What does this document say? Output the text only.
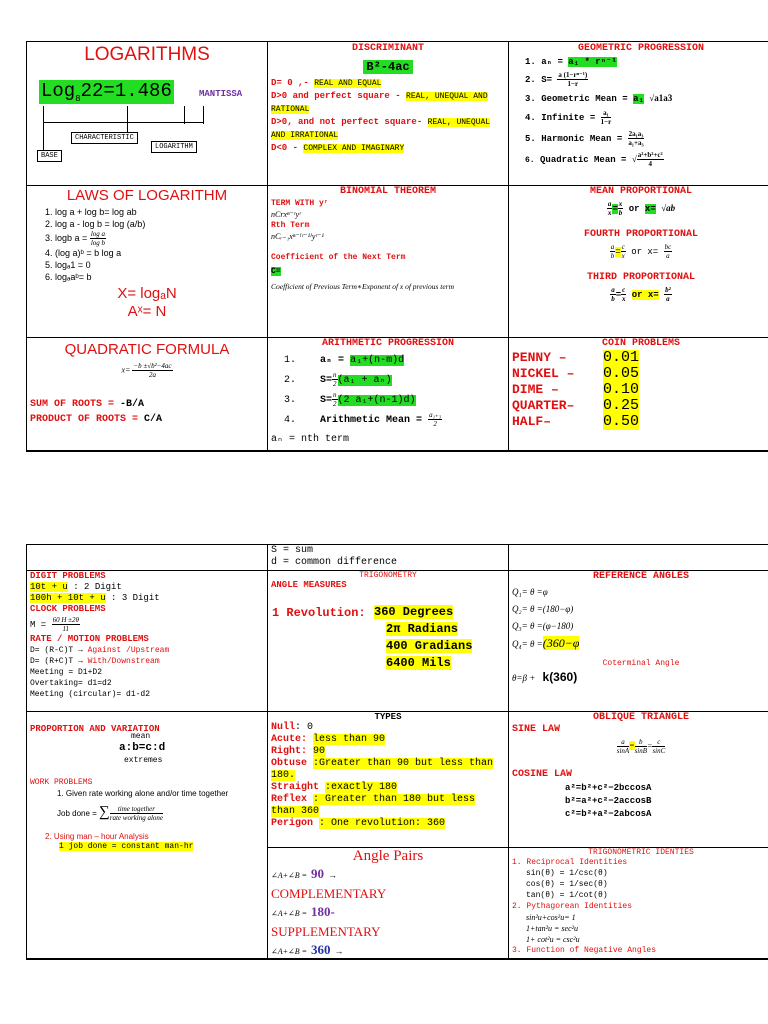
LOGARITHMS
Log$_8$22=1.486	MANTISSA
CHARACTERISTIC
BASE
LOGARITHM
DISCRIMINANT
B²-4ac
D= 0 ,- REAL AND EQUAL
D>0 and perfect square - REAL, UNEQUAL AND RATIONAL
D>0, and not perfect square- REAL, UNEQUAL AND IRRATIONAL
D<0 - COMPLEX AND IMAGINARY
GEOMETRIC PROGRESSION
1. aₙ = a₁ * rⁿ⁻¹
2. $S= \frac{\text{a (1−rⁿ⁻¹)}}{1-r}$
3. Geometric Mean = a₁ √a1a3
4. Infinite = $\frac{\text{a₁}}{1-r}$
5. Harmonic Mean = $\frac{\text{2a₁a₃}}{\text{a₁+a₃}}$
6. Quadratic Mean = √ $\frac{\text{a²+b²+c²}}{4}$
LAWS OF LOGARITHM
1. log a + log b= log ab
2. log a - log b = log (a/b)
3. logb $a = \frac{\text{log a}}{\text{log b}}$
4. (log a)ᵇ = b log a
5. logₐ1 = 0
6. logₐaᵇ= b
X= logₐN
Aˣ= N
BINOMIAL THEOREM
TERM WITH yʳ
nCrxⁿ⁻ʳyʳ
Rth Term
nCᵣ₋₁xⁿ⁻⁽ʳ⁻¹⁾yʳ⁻¹
Coefficient of the Next Term
C=
Coefficient of Previous Term∗Exponent of x of previous term
MEAN PROPORTIONAL
$\frac{a}{x} = \frac{x}{b}$ or x= √ab
FOURTH PROPORTIONAL
$\frac{a}{b} = \frac{c}{x}$ or $x= \frac{bc}{a}$
THIRD PROPORTIONAL
$\frac{a}{b} = \frac{c}{x}$ or $x= \frac{\text{b²}}{a}$
QUADRATIC FORMULA
$x= \frac{\text{−b ±√b²−4ac}}{2a}$
SUM OF ROOTS = -B/A
PRODUCT OF ROOTS = C/A
ARITHMETIC PROGRESSION
1. aₙ = a₁+(n-m)d
2. $S= \frac{n}{2} (a_1 + a_n)$
3. $S= \frac{n}{2} (2$ a₁+(n-1)d)
4. Arithmetic Mean = $\frac{\text{a₁₊₃}}{2}$
aₙ = nth term
COIN PROBLEMS
PENNY – 0.01
NICKEL – 0.05
DIME –	0.10
QUARTER– 0.25
HALF–	0.50
S = sum
d = common difference
DIGIT PROBLEMS
10t + u : 2 Digit
100h + 10t + u : 3 Digit
CLOCK PROBLEMS
$M = \frac{60 H \pm 2\theta}{11}$
RATE / MOTION PROBLEMS
D= (R-C)T → Against /Upstream
D= (R+C)T → With/Downstream
Meeting = D1+D2
Overtaking= d1=d2
Meeting (circular)= d1-d2
TRIGONOMETRY
ANGLE MEASURES
1 Revolution: 360 Degrees
2π Radians
400 Gradians
6400 Mils
REFERENCE ANGLES
Q₁= θ =φ
Q₂= θ =(180−φ)
Q₃= θ =(φ−180)
Q₄= θ =(360−φ
Coterminal Angle
θ=β + k(360)
PROPORTION AND VARIATION
mean
a:b=c:d
extremes
WORK PROBLEMS
1. Given rate working alone and/or time together
Job done = ∑ $\frac{\text{time together}}{\text{rate working alone}}$
2. Using man – hour Analysis
1 job done = constant man-hr
TYPES
Null: 0
Acute: less than 90
Right: 90
Obtuse :Greater than 90 but less than 180.
Straight :exactly 180
Reflex : Greater than 180 but less than 360
Perigon : One revolution: 360
OBLIQUE TRIANGLE
SINE LAW
$\frac{a}{\sin A} = \frac{b}{\sin B} = \frac{c}{\sin C}$
COSINE LAW
a²=b²+c²−2bccosA
b²=a²+c²−2accosB
c²=b²+a²−2abcosA
Angle Pairs
∠A+∠B = 90 →
COMPLEMENTARY
∠A+∠B = 180-
SUPPLEMENTARY
∠A+∠B = 360 →
TRIGONOMETRIC IDENTIES
1. Reciprocal Identities
sin(θ) = 1/csc(θ)
cos(θ) = 1/sec(θ)
tan(θ) = 1/cot(θ)
2. Pythagorean Identities
sin²u+cos²u= 1
1+tan²u = sec²u
1+ cot²u = csc²u
3. Function of Negative Angles
